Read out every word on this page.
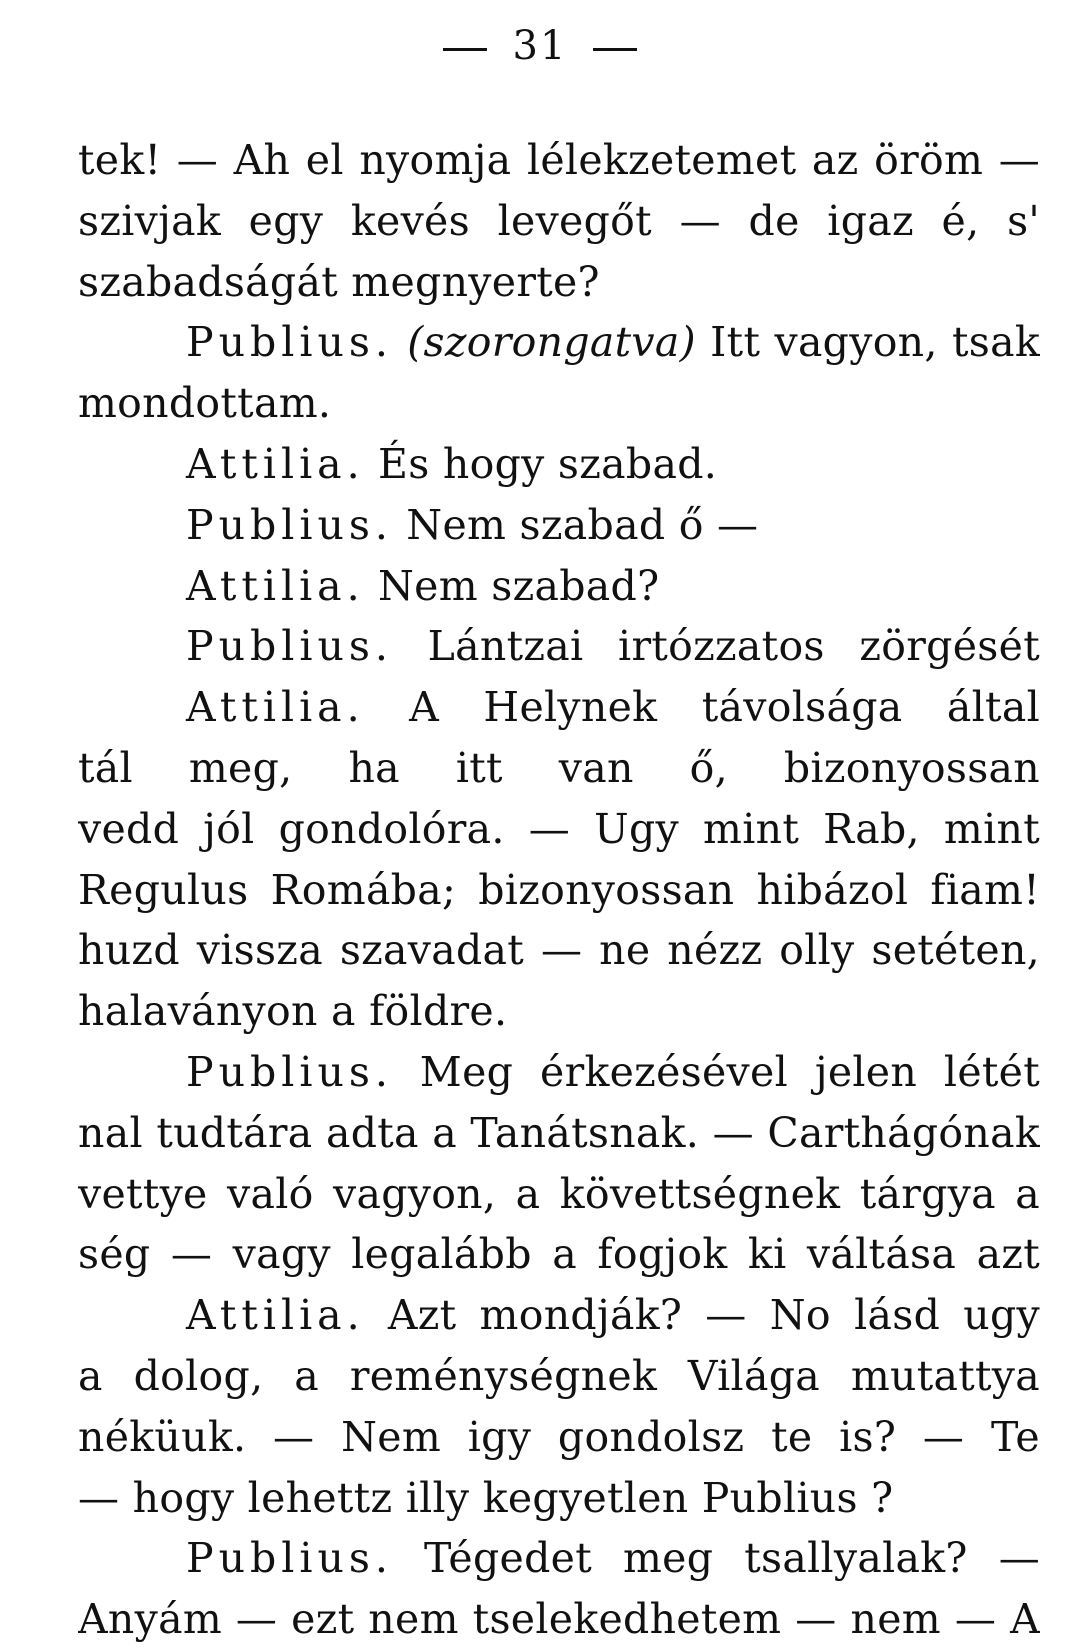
31
tek! — Ah el nyomja lélekzetemet az öröm —
szivjak egy kevés levegőt — de igaz é, s'
szabadságát megnyerte?
Publius. (szorongatva) Itt vagyon, tsak
mondottam.
Attilia. És hogy szabad.
Publius. Nem szabad ő —
Attilia. Nem szabad?
Publius. Lántzai irtózzatos zörgését
Attilia. A Helynek távolsága által
tál meg, ha itt van ő, bizonyossan
vedd jól gondolóra. — Ugy mint Rab, mint
Regulus Romába; bizonyossan hibázol fiam!
huzd vissza szavadat — ne nézz olly setéten,
halaványon a földre.
Publius. Meg érkezésével jelen létét
nal tudtára adta a Tanátsnak. — Carthágónak
vettye való vagyon, a követtségnek tárgya a
ség — vagy legalább a fogjok ki váltása azt
Attilia. Azt mondják? — No lásd ugy
a dolog, a reménységnek Világa mutattya
néküuk. — Nem igy gondolsz te is? — Te
— hogy lehettz illy kegyetlen Publius ?
Publius. Tégedet meg tsallyalak? —
Anyám — ezt nem tselekedhetem — nem — A
